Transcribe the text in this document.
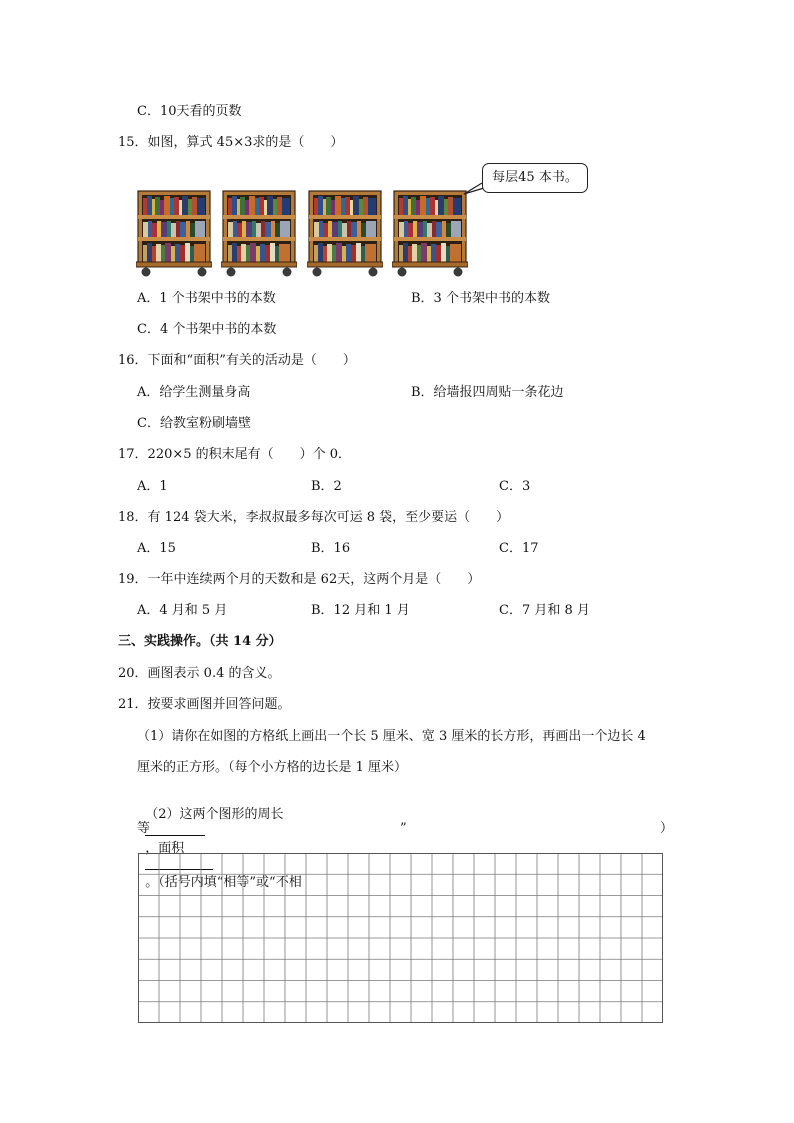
C．10天看的页数
15．如图，算式 45×3求的是（　　）
每层45 本书。
A．1 个书架中书的本数	B．3 个书架中书的本数
C．4 个书架中书的本数
16．下面和“面积”有关的活动是（　　）
A．给学生测量身高	B．给墙报四周贴一条花边
C．给教室粉刷墙壁
17．220×5 的积末尾有（　　）个 0．
A．1	B．2	C．3
18．有 124 袋大米，李叔叔最多每次可运 8 袋，至少要运（　　）
A．15	B．16	C．17
19．一年中连续两个月的天数和是 62天，这两个月是（　　）
A．4 月和 5 月	B．12 月和 1 月	C．7 月和 8 月
三、实践操作。（共 14 分）
20．画图表示 0.4 的含义。
21．按要求画图并回答问题。
（1）请你在如图的方格纸上画出一个长 5 厘米、宽 3 厘米的长方形，再画出一个边长 4
厘米的正方形。（每个小方格的边长是 1 厘米）

（2）这两个图形的周长

，面积

。（括号内填“相等”或“不相

等	”	）
